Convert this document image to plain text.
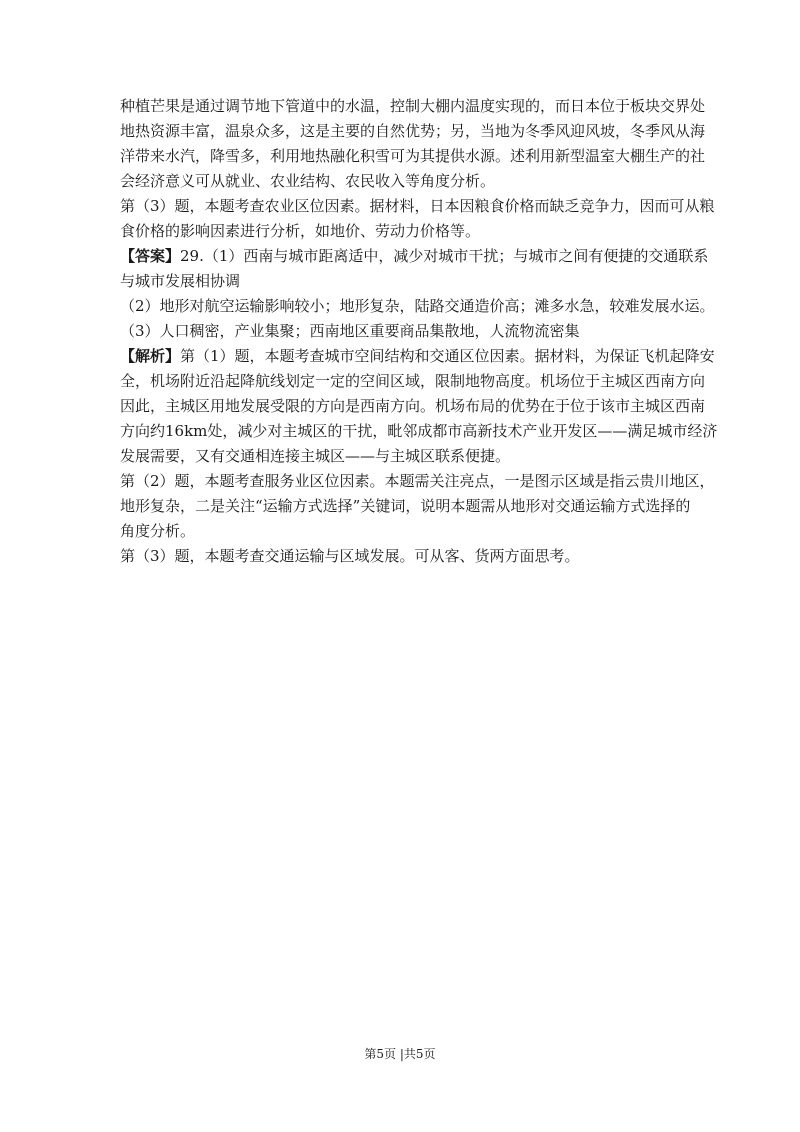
种植芒果是通过调节地下管道中的水温，控制大棚内温度实现的，而日本位于板块交界处
地热资源丰富，温泉众多，这是主要的自然优势；另，当地为冬季风迎风坡，冬季风从海
洋带来水汽，降雪多，利用地热融化积雪可为其提供水源。述利用新型温室大棚生产的社
会经济意义可从就业、农业结构、农民收入等角度分析。
第（3）题，本题考查农业区位因素。据材料，日本因粮食价格而缺乏竞争力，因而可从粮
食价格的影响因素进行分析，如地价、劳动力价格等。
【答案】29.（1）西南与城市距离适中，减少对城市干扰；与城市之间有便捷的交通联系
与城市发展相协调
（2）地形对航空运输影响较小；地形复杂，陆路交通造价高；滩多水急，较难发展水运。
（3）人口稠密，产业集聚；西南地区重要商品集散地，人流物流密集
【解析】第（1）题，本题考查城市空间结构和交通区位因素。据材料，为保证飞机起降安
全，机场附近沿起降航线划定一定的空间区域，限制地物高度。机场位于主城区西南方向
因此，主城区用地发展受限的方向是西南方向。机场布局的优势在于位于该市主城区西南
方向约16km处，减少对主城区的干扰，毗邻成都市高新技术产业开发区——满足城市经济
发展需要，又有交通相连接主城区——与主城区联系便捷。
第（2）题，本题考查服务业区位因素。本题需关注亮点，一是图示区域是指云贵川地区，
地形复杂，二是关注“运输方式选择”关键词，说明本题需从地形对交通运输方式选择的
角度分析。
第（3）题，本题考查交通运输与区域发展。可从客、货两方面思考。
第5页 |共5页
